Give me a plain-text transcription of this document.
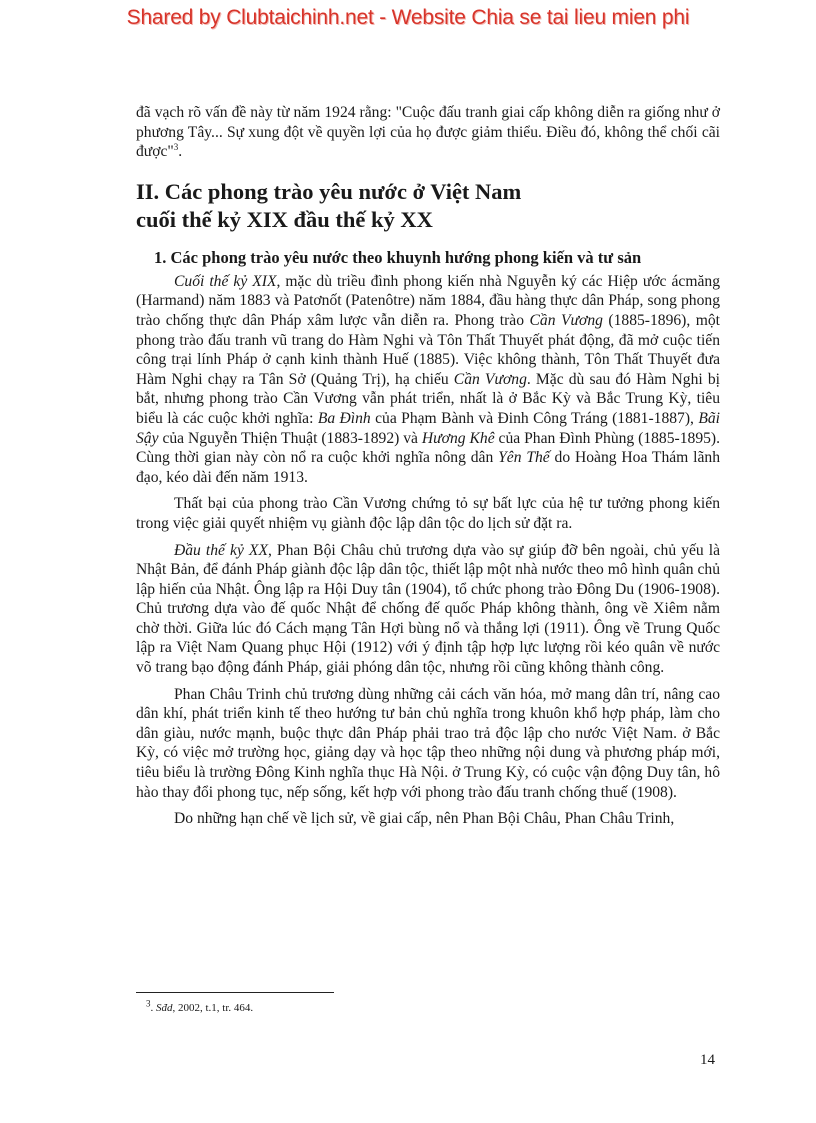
Shared by Clubtaichinh.net - Website Chia se tai lieu mien phi

đã vạch rõ vấn đề này từ năm 1924 rằng: "Cuộc đấu tranh giai cấp không diễn ra giống như ở phương Tây... Sự xung đột về quyền lợi của họ được giảm thiểu. Điều đó, không thể chối cãi được"$^3$.

II. Các phong trào yêu nước ở Việt Nam
cuối thế kỷ XIX đầu thế kỷ XX
1. Các phong trào yêu nước theo khuynh hướng phong kiến và tư sản

Cuối thế kỷ XIX, mặc dù triều đình phong kiến nhà Nguyễn ký các Hiệp ước ácmăng (Harmand) năm 1883 và Patơnốt (Patenôtre) năm 1884, đầu hàng thực dân Pháp, song phong trào chống thực dân Pháp xâm lược vẫn diễn ra. Phong trào Cần Vương (1885-1896), một phong trào đấu tranh vũ trang do Hàm Nghi và Tôn Thất Thuyết phát động, đã mở cuộc tiến công trại lính Pháp ở cạnh kinh thành Huế (1885). Việc không thành, Tôn Thất Thuyết đưa Hàm Nghi chạy ra Tân Sở (Quảng Trị), hạ chiếu Cần Vương. Mặc dù sau đó Hàm Nghi bị bắt, nhưng phong trào Cần Vương vẫn phát triển, nhất là ở Bắc Kỳ và Bắc Trung Kỳ, tiêu biểu là các cuộc khởi nghĩa: Ba Đình của Phạm Bành và Đinh Công Tráng (1881-1887), Bãi Sậy của Nguyễn Thiện Thuật (1883-1892) và Hương Khê của Phan Đình Phùng (1885-1895). Cùng thời gian này còn nổ ra cuộc khởi nghĩa nông dân Yên Thế do Hoàng Hoa Thám lãnh đạo, kéo dài đến năm 1913.

Thất bại của phong trào Cần Vương chứng tỏ sự bất lực của hệ tư tưởng phong kiến trong việc giải quyết nhiệm vụ giành độc lập dân tộc do lịch sử đặt ra.

Đầu thế kỷ XX, Phan Bội Châu chủ trương dựa vào sự giúp đỡ bên ngoài, chủ yếu là Nhật Bản, để đánh Pháp giành độc lập dân tộc, thiết lập một nhà nước theo mô hình quân chủ lập hiến của Nhật. Ông lập ra Hội Duy tân (1904), tổ chức phong trào Đông Du (1906-1908). Chủ trương dựa vào đế quốc Nhật để chống đế quốc Pháp không thành, ông về Xiêm nằm chờ thời. Giữa lúc đó Cách mạng Tân Hợi bùng nổ và thắng lợi (1911). Ông về Trung Quốc lập ra Việt Nam Quang phục Hội (1912) với ý định tập hợp lực lượng rồi kéo quân về nước võ trang bạo động đánh Pháp, giải phóng dân tộc, nhưng rồi cũng không thành công.

Phan Châu Trinh chủ trương dùng những cải cách văn hóa, mở mang dân trí, nâng cao dân khí, phát triển kinh tế theo hướng tư bản chủ nghĩa trong khuôn khổ hợp pháp, làm cho dân giàu, nước mạnh, buộc thực dân Pháp phải trao trả độc lập cho nước Việt Nam. ở Bắc Kỳ, có việc mở trường học, giảng dạy và học tập theo những nội dung và phương pháp mới, tiêu biểu là trường Đông Kinh nghĩa thục Hà Nội. ở Trung Kỳ, có cuộc vận động Duy tân, hô hào thay đổi phong tục, nếp sống, kết hợp với phong trào đấu tranh chống thuế (1908).

Do những hạn chế về lịch sử, về giai cấp, nên Phan Bội Châu, Phan Châu Trinh,

$^3$. Sđd, 2002, t.1, tr. 464.
14
